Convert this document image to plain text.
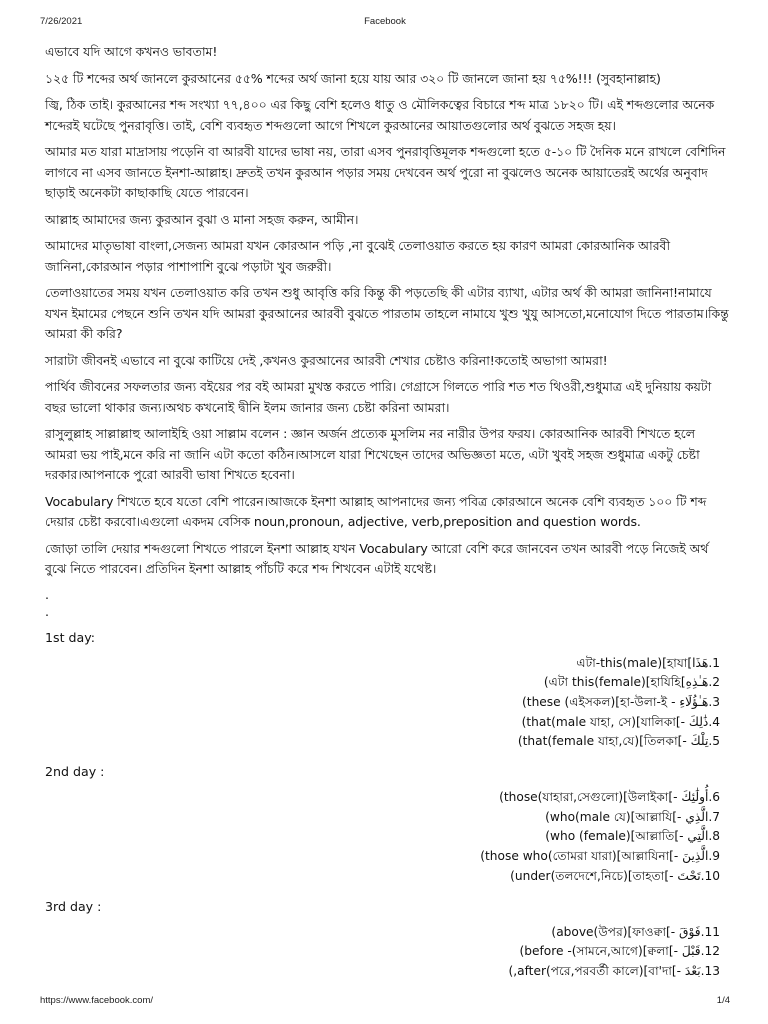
7/26/2021	Facebook

এভাবে যদি আগে কখনও ভাবতাম!

১২৫ টি শব্দের অর্থ জানলে কুরআনের ৫৫% শব্দের অর্থ জানা হয়ে যায় আর ৩২০ টি জানলে জানা হয় ৭৫%!!! (সুবহানাল্লাহ)

জ্বি, ঠিক তাই। কুরআনের শব্দ সংখ্যা ৭৭,৪০০ এর কিছু বেশি হলেও ধাতু ও মৌলিকত্বের বিচারে শব্দ মাত্র ১৮২০ টি। এই শব্দগুলোর অনেক শব্দেরই ঘটেছে পুনরাবৃত্তি। তাই, বেশি ব্যবহৃত শব্দগুলো আগে শিখলে কুরআনের আয়াতগুলোর অর্থ বুঝতে সহজ হয়।

আমার মত যারা মাদ্রাসায় পড়েনি বা আরবী যাদের ভাষা নয়, তারা এসব পুনরাবৃত্তিমূলক শব্দগুলো হতে ৫-১০ টি দৈনিক মনে রাখলে বেশিদিন লাগবে না এসব জানতে ইনশা-আল্লাহ। দ্রুতই তখন কুরআন পড়ার সময় দেখবেন অর্থ পুরো না বুঝলেও অনেক আয়াতেরই অর্থের অনুবাদ ছাড়াই অনেকটা কাছাকাছি যেতে পারবেন।

আল্লাহ আমাদের জন্য কুরআন বুঝা ও মানা সহজ করুন, আমীন।

আমাদের মাতৃভাষা বাংলা,সেজন্য আমরা যখন কোরআন পড়ি ,না বুঝেই তেলাওয়াত করতে হয় কারণ আমরা কোরআনিক আরবী জানিনা,কোরআন পড়ার পাশাপাশি বুঝে পড়াটা খুব জরুরী।

তেলাওয়াতের সময় যখন তেলাওয়াত করি তখন শুধু আবৃত্তি করি কিন্তু কী পড়তেছি কী এটার ব্যাখা, এটার অর্থ কী আমরা জানিনা!নামাযে যখন ইমামের পেছনে শুনি তখন যদি আমরা কুরআনের আরবী বুঝতে পারতাম তাহলে নামাযে খুশু খুযু আসতো,মনোযোগ দিতে পারতাম।কিন্তু আমরা কী করি?

সারাটা জীবনই এভাবে না বুঝে কাটিয়ে দেই ,কখনও কুরআনের আরবী শেখার চেষ্টাও করিনা!কতোই অভাগা আমরা!

পার্থিব জীবনের সফলতার জন্য বইয়ের পর বই আমরা মুখস্ত করতে পারি। গেগ্রাসে গিলতে পারি শত শত থিওরী,শুধুমাত্র এই দুনিয়ায় কয়টা বছর ভালো থাকার জন্য।অথচ কখনোই দ্বীনি ইলম জানার জন্য চেষ্টা করিনা আমরা।

রাসুলুল্লাহ সাল্লাল্লাহু আলাইহি ওয়া সাল্লাম বলেন : জ্ঞান অর্জন প্রত্যেক মুসলিম নর নারীর উপর ফরয। কোরআনিক আরবী শিখতে হলে আমরা ভয় পাই,মনে করি না জানি এটা কতো কঠিন।আসলে যারা শিখেছেন তাদের অভিজ্ঞতা মতে, এটা খুবই সহজ শুধুমাত্র একটু চেষ্টা দরকার।আপনাকে পুরো আরবী ভাষা শিখতে হবেনা।

Vocabulary শিখতে হবে যতো বেশি পারেন।আজকে ইনশা আল্লাহ আপনাদের জন্য পবিত্র কোরআনে অনেক বেশি ব্যবহৃত ১০০ টি শব্দ দেয়ার চেষ্টা করবো।এগুলো একদম বেসিক noun,pronoun, adjective, verb,preposition and question words.

জোড়া তালি দেয়ার শব্দগুলো শিখতে পারলে ইনশা আল্লাহ যখন Vocabulary আরো বেশি করে জানবেন তখন আরবী পড়ে নিজেই অর্থ বুঝে নিতে পারবেন। প্রতিদিন ইনশা আল্লাহ পাঁচটি করে শব্দ শিখবেন এটাই যথেষ্ট।

.

.

1st day:

1.هَذَا]এটা-this(male)[হাযা
2.هَـٰذِهِ]এটা this(female)[হাযিহি)
3.هَـٰؤُلَاءِ - these (এইসকল)[হা-উলা-ই)
4.ذَٰلِكَ -]that(male যাহা, সে)[যালিকা)
5.تِلْكَ -]that(female যাহা,যে)[তিলকা)

2nd day :

6.أُولَٰئِكَ -]those(যাহারা,সেগুলো)[উলাইকা)
7.الَّذِي -]who(male যে)[আল্লাযি)
8.الَّتِي -]who (female)[আল্লাতি)
9.الَّذِينَ -]those who(তোমরা যারা)[আল্লাযিনা)
10.تَحْتَ -]under(তলদেশে,নিচে)[তাহতা)

3rd day :

11.فَوْقَ -]above(উপর)[ফাওক্বা)
12.قَبْلَ -]before -(সামনে,আগে)[ক্বলা)
13.بَعْدَ -]after(পরে,পরবর্তী কালে)[বা'দা,)
https://www.facebook.com/	1/4
